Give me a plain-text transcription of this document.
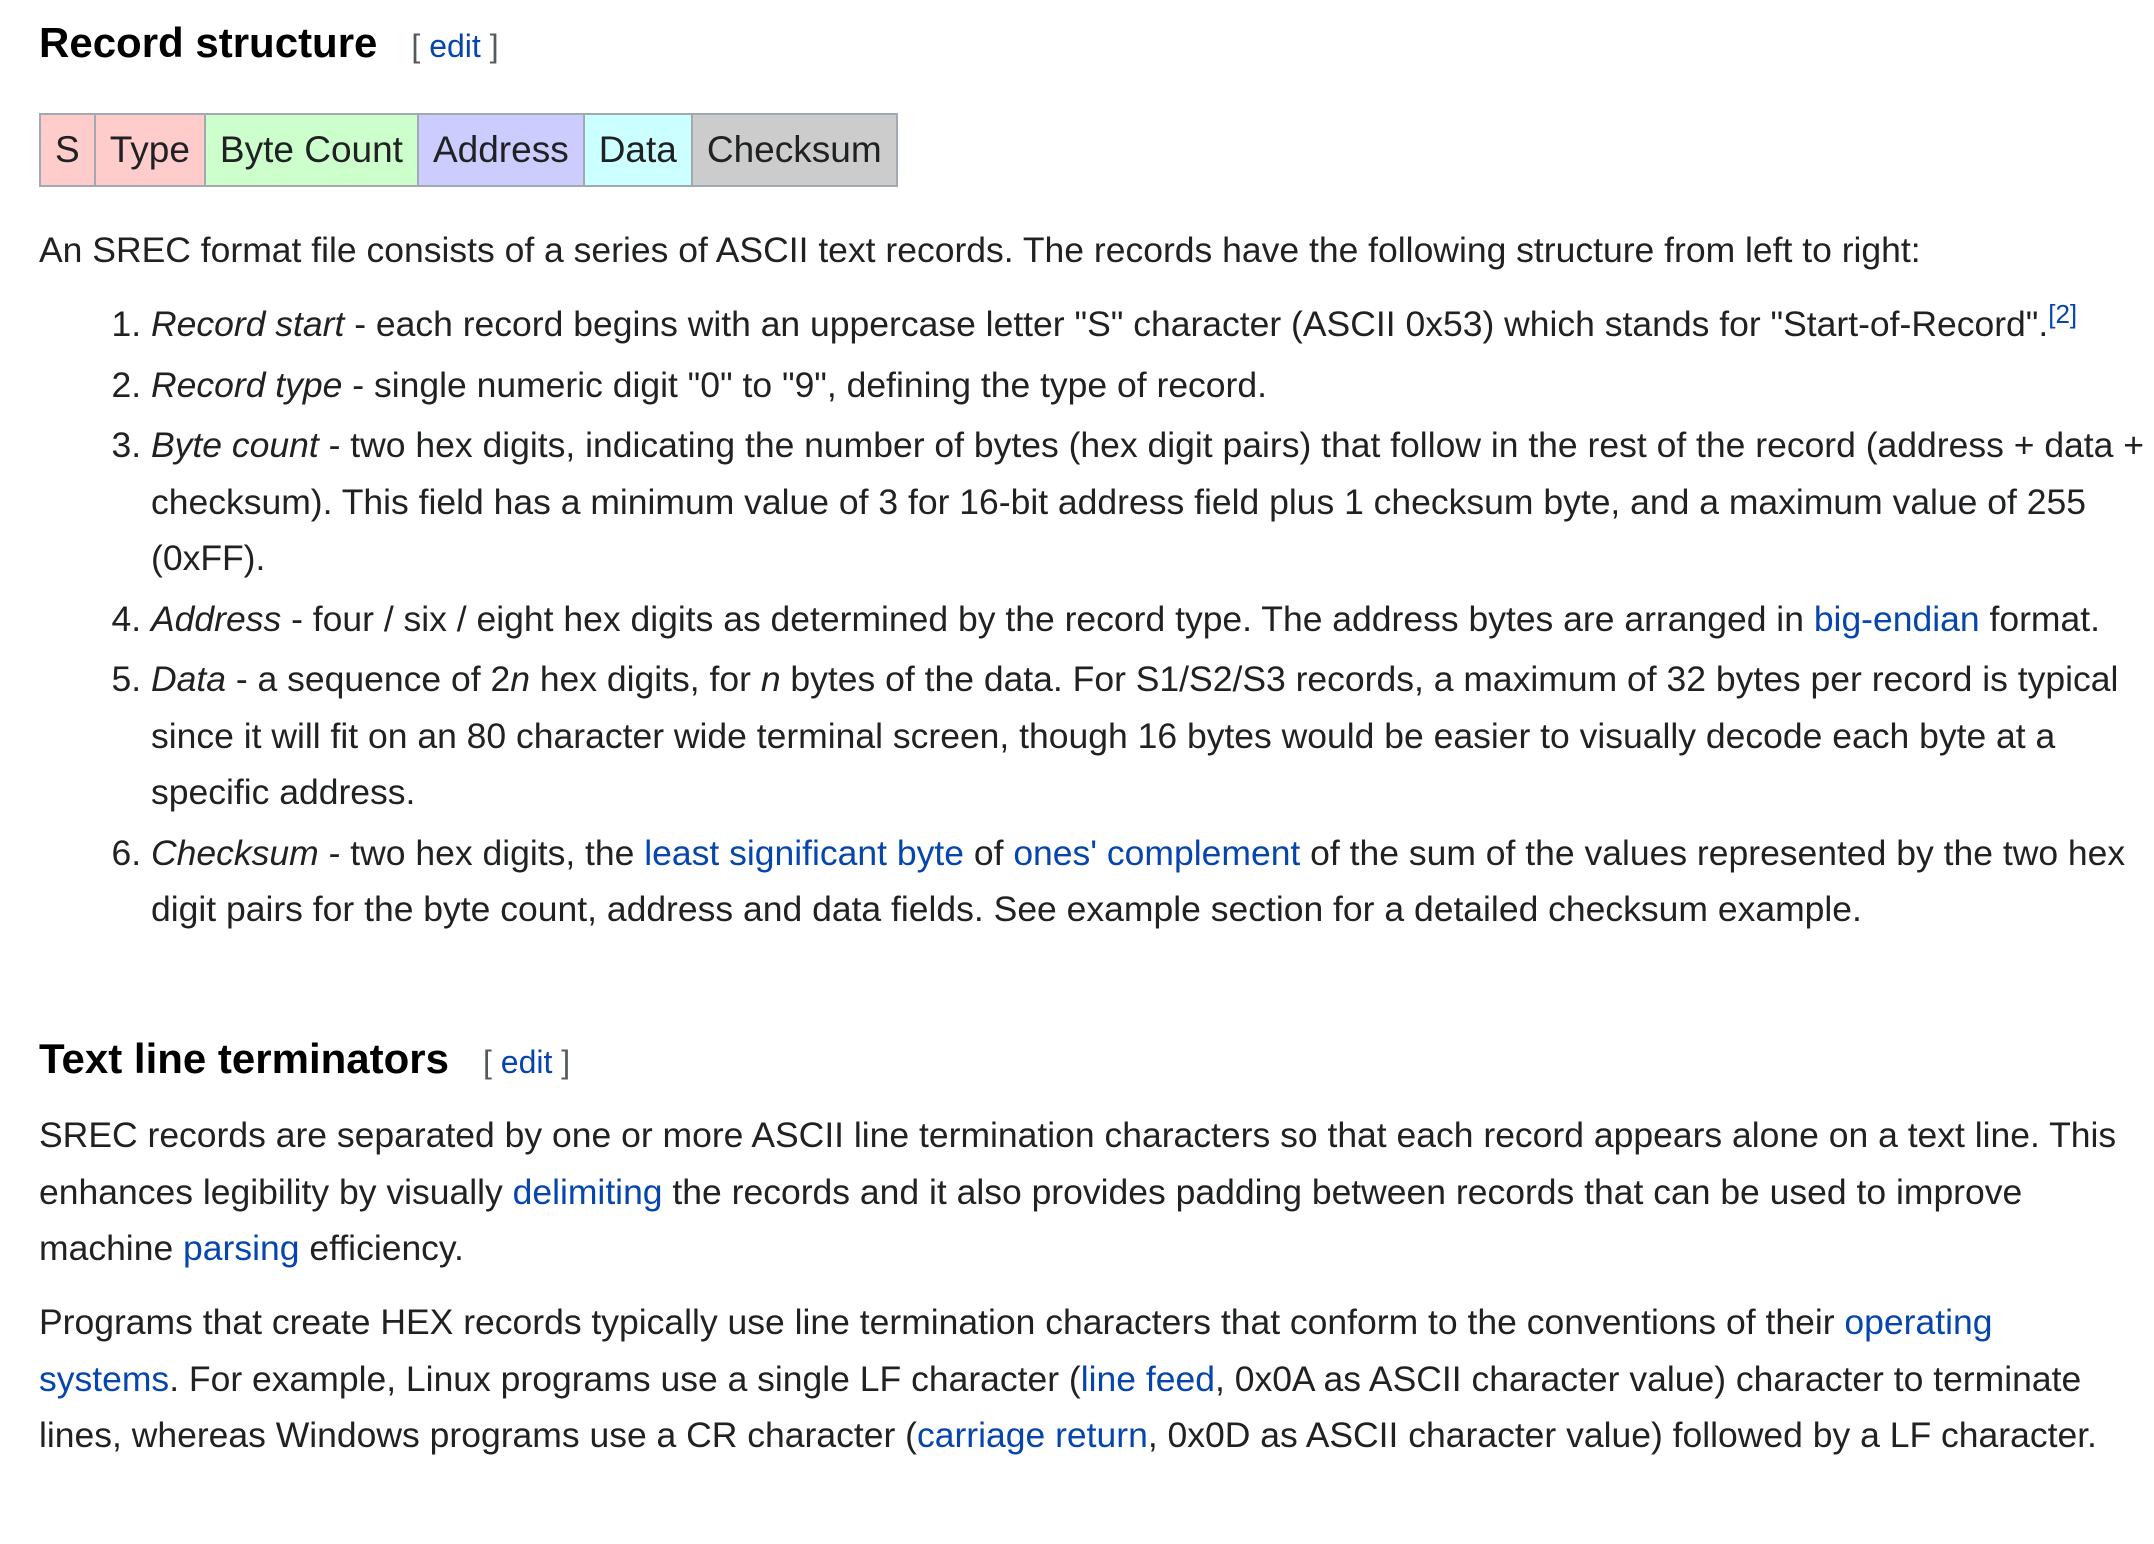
Record structure [ edit ]
S	Type	Byte Count	Address	Data	Checksum

An SREC format file consists of a series of ASCII text records. The records have the following structure from left to right:

1. Record start - each record begins with an uppercase letter "S" character (ASCII 0x53) which stands for "Start-of-Record".[2]
2. Record type - single numeric digit "0" to "9", defining the type of record.
3. Byte count - two hex digits, indicating the number of bytes (hex digit pairs) that follow in the rest of the record (address + data + checksum). This field has a minimum value of 3 for 16-bit address field plus 1 checksum byte, and a maximum value of 255 (0xFF).
4. Address - four / six / eight hex digits as determined by the record type. The address bytes are arranged in big-endian format.
5. Data - a sequence of 2n hex digits, for n bytes of the data. For S1/S2/S3 records, a maximum of 32 bytes per record is typical since it will fit on an 80 character wide terminal screen, though 16 bytes would be easier to visually decode each byte at a specific address.
6. Checksum - two hex digits, the least significant byte of ones' complement of the sum of the values represented by the two hex digit pairs for the byte count, address and data fields. See example section for a detailed checksum example.
Text line terminators [ edit ]

SREC records are separated by one or more ASCII line termination characters so that each record appears alone on a text line. This enhances legibility by visually delimiting the records and it also provides padding between records that can be used to improve machine parsing efficiency.

Programs that create HEX records typically use line termination characters that conform to the conventions of their operating systems. For example, Linux programs use a single LF character (line feed, 0x0A as ASCII character value) character to terminate lines, whereas Windows programs use a CR character (carriage return, 0x0D as ASCII character value) followed by a LF character.
